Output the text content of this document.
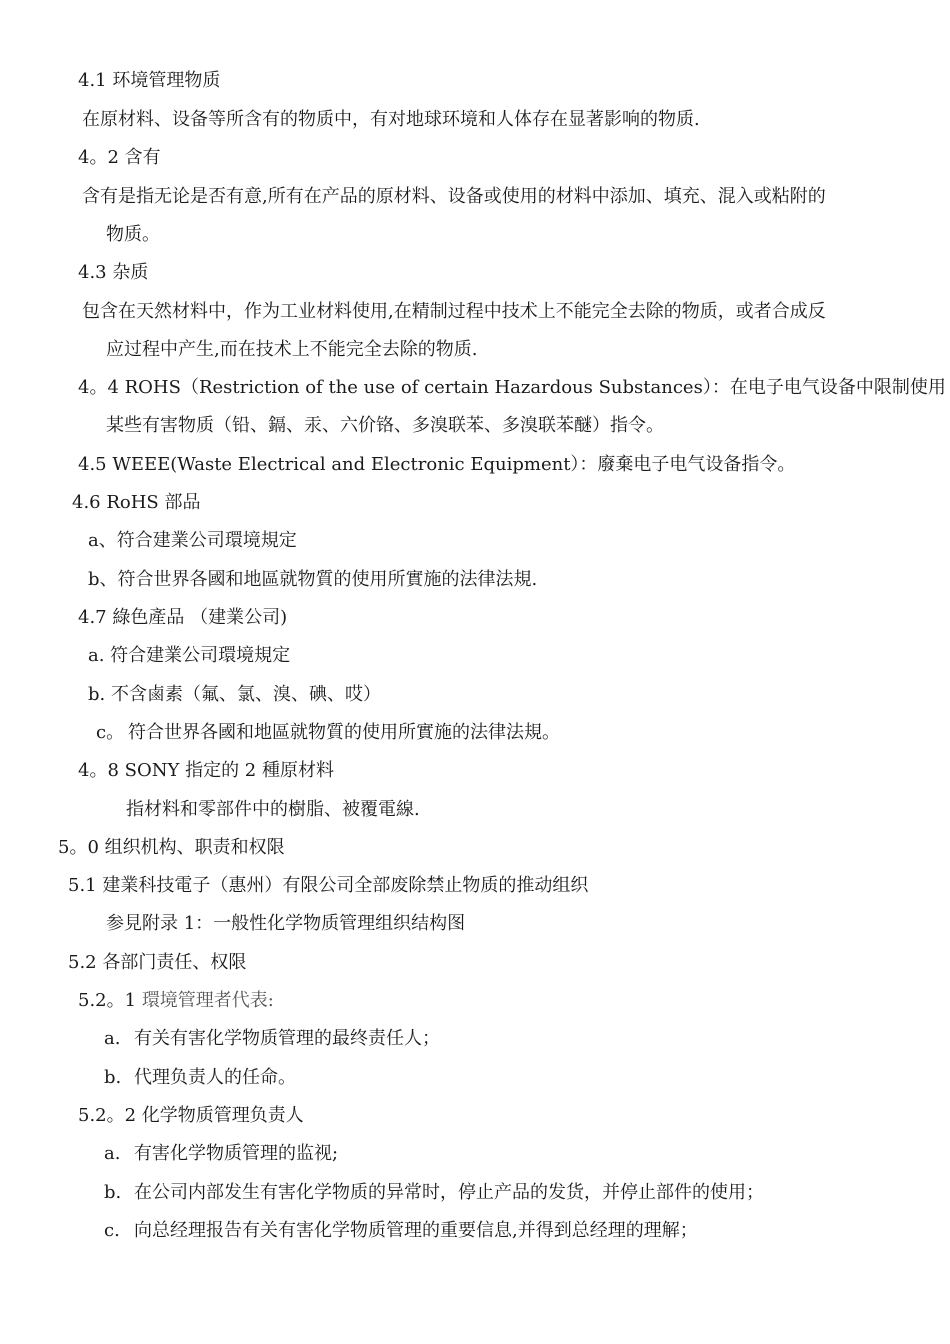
4.1 环境管理物质
在原材料、设备等所含有的物质中，有对地球环境和人体存在显著影响的物质.
4。2 含有
含有是指无论是否有意,所有在产品的原材料、设备或使用的材料中添加、填充、混入或粘附的
物质。
4.3 杂质
包含在天然材料中，作为工业材料使用,在精制过程中技术上不能完全去除的物质，或者合成反
应过程中产生,而在技术上不能完全去除的物质.
4。4 ROHS（Restriction of the use of certain Hazardous Substances）：在电子电气设备中限制使用
某些有害物质（铅、鎘、汞、六价铬、多溴联苯、多溴联苯醚）指令。
4.5 WEEE(Waste Electrical and Electronic Equipment）：廢棄电子电气设备指令。
4.6 RoHS 部品
a、符合建業公司環境規定
b、符合世界各國和地區就物質的使用所實施的法律法規.
4.7 綠色產品 （建業公司)
a. 符合建業公司環境規定
b. 不含鹵素（氟、氯、溴、碘、哎）
c。 符合世界各國和地區就物質的使用所實施的法律法規。
4。8 SONY 指定的 2 種原材料
指材料和零部件中的樹脂、被覆電線.
5。0 组织机构、职责和权限
5.1 建業科技電子（惠州）有限公司全部废除禁止物质的推动组织
参見附录 1：一般性化学物质管理组织结构图
5.2 各部门责任、权限
5.2。1 環境管理者代表:
a. 有关有害化学物质管理的最终责任人；
b. 代理负责人的任命。
5.2。2 化学物质管理负责人
a. 有害化学物质管理的监视;
b. 在公司内部发生有害化学物质的异常时，停止产品的发货，并停止部件的使用；
c. 向总经理报告有关有害化学物质管理的重要信息,并得到总经理的理解；
